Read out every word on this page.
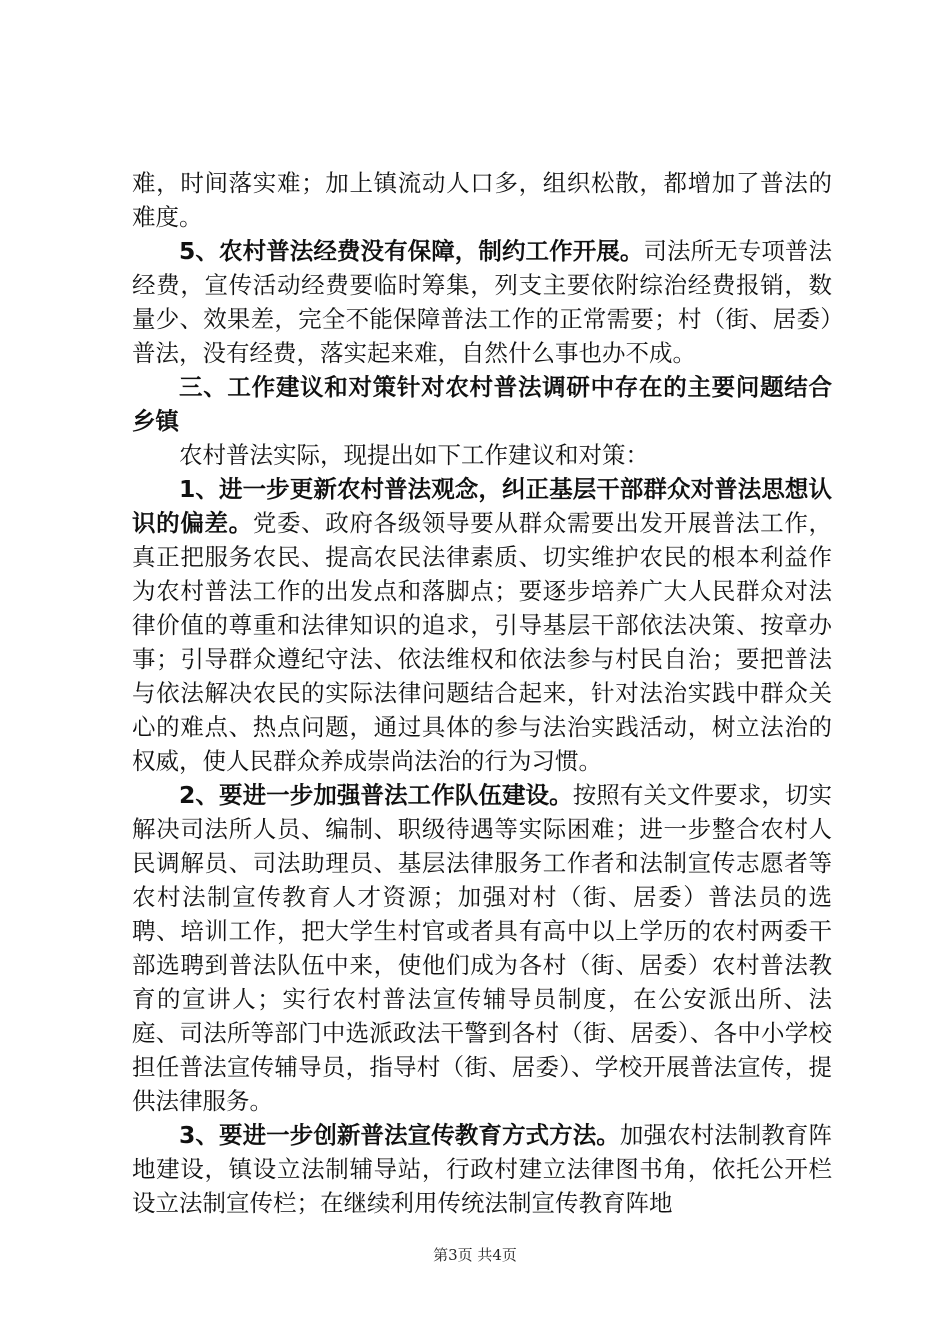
难，时间落实难；加上镇流动人口多，组织松散，都增加了普法的难度。

5、农村普法经费没有保障，制约工作开展。司法所无专项普法经费，宣传活动经费要临时筹集，列支主要依附综治经费报销，数量少、效果差，完全不能保障普法工作的正常需要；村（街、居委）普法，没有经费，落实起来难，自然什么事也办不成。

三、工作建议和对策针对农村普法调研中存在的主要问题结合乡镇

农村普法实际，现提出如下工作建议和对策：

1、进一步更新农村普法观念，纠正基层干部群众对普法思想认识的偏差。党委、政府各级领导要从群众需要出发开展普法工作，真正把服务农民、提高农民法律素质、切实维护农民的根本利益作为农村普法工作的出发点和落脚点；要逐步培养广大人民群众对法律价值的尊重和法律知识的追求，引导基层干部依法决策、按章办事；引导群众遵纪守法、依法维权和依法参与村民自治；要把普法与依法解决农民的实际法律问题结合起来，针对法治实践中群众关心的难点、热点问题，通过具体的参与法治实践活动，树立法治的权威，使人民群众养成崇尚法治的行为习惯。

2、要进一步加强普法工作队伍建设。按照有关文件要求，切实解决司法所人员、编制、职级待遇等实际困难；进一步整合农村人民调解员、司法助理员、基层法律服务工作者和法制宣传志愿者等农村法制宣传教育人才资源；加强对村（街、居委）普法员的选聘、培训工作，把大学生村官或者具有高中以上学历的农村两委干部选聘到普法队伍中来，使他们成为各村（街、居委）农村普法教育的宣讲人；实行农村普法宣传辅导员制度，在公安派出所、法庭、司法所等部门中选派政法干警到各村（街、居委）、各中小学校担任普法宣传辅导员，指导村（街、居委）、学校开展普法宣传，提供法律服务。

3、要进一步创新普法宣传教育方式方法。加强农村法制教育阵地建设，镇设立法制辅导站，行政村建立法律图书角，依托公开栏设立法制宣传栏；在继续利用传统法制宣传教育阵地

第3页 共4页
